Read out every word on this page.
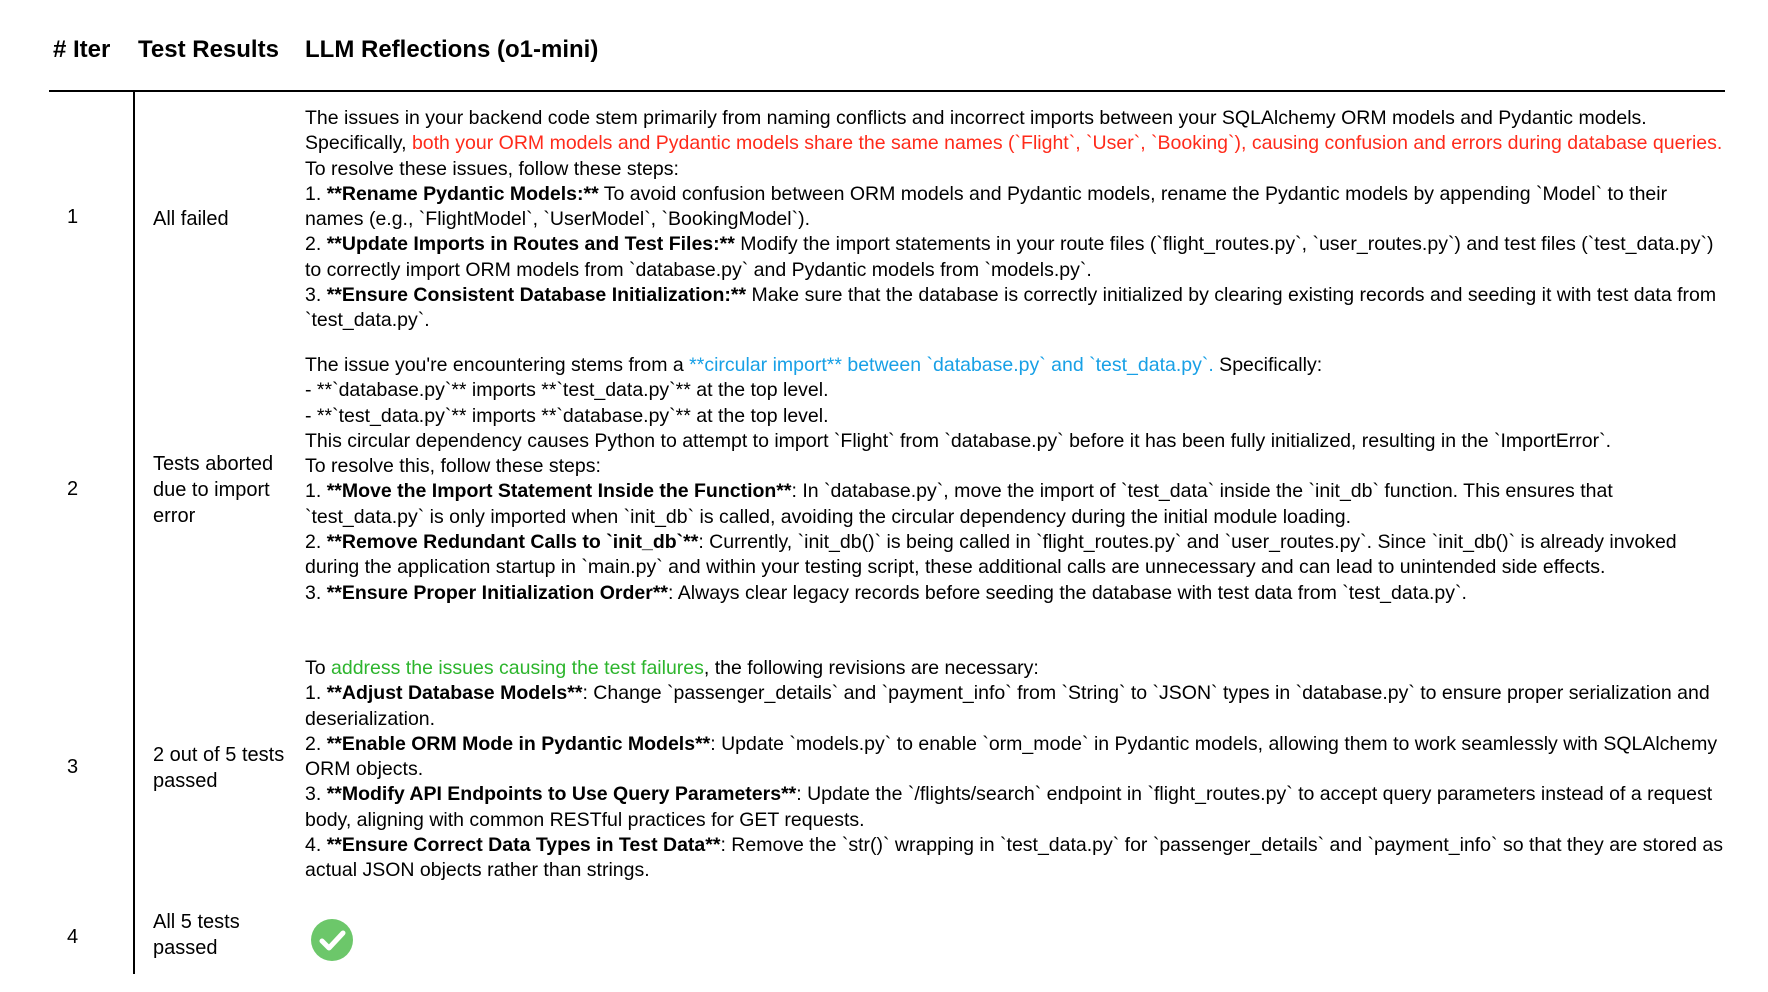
# Iter Test Results LLM Reflections (o1-mini)
1	All failed

The issues in your backend code stem primarily from naming conflicts and incorrect imports between your SQLAlchemy ORM models and Pydantic models. Specifically, both your ORM models and Pydantic models share the same names (`Flight`, `User`, `Booking`), causing confusion and errors during database queries. To resolve these issues, follow these steps:

1. **Rename Pydantic Models:** To avoid confusion between ORM models and Pydantic models, rename the Pydantic models by appending `Model` to their names (e.g., `FlightModel`, `UserModel`, `BookingModel`).

2. **Update Imports in Routes and Test Files:** Modify the import statements in your route files (`flight_routes.py`, `user_routes.py`) and test files (`test_data.py`) to correctly import ORM models from `database.py` and Pydantic models from `models.py`.

3. **Ensure Consistent Database Initialization:** Make sure that the database is correctly initialized by clearing existing records and seeding it with test data from `test_data.py`.

2
Tests aborted due to import error

The issue you're encountering stems from a **circular import** between `database.py` and `test_data.py`. Specifically:

- **`database.py`** imports **`test_data.py`** at the top level.

- **`test_data.py`** imports **`database.py`** at the top level.

This circular dependency causes Python to attempt to import `Flight` from `database.py` before it has been fully initialized, resulting in the `ImportError`.

To resolve this, follow these steps:

1. **Move the Import Statement Inside the Function**: In `database.py`, move the import of `test_data` inside the `init_db` function. This ensures that `test_data.py` is only imported when `init_db` is called, avoiding the circular dependency during the initial module loading.

2. **Remove Redundant Calls to `init_db`**: Currently, `init_db()` is being called in `flight_routes.py` and `user_routes.py`. Since `init_db()` is already invoked during the application startup in `main.py` and within your testing script, these additional calls are unnecessary and can lead to unintended side effects.

3. **Ensure Proper Initialization Order**: Always clear legacy records before seeding the database with test data from `test_data.py`.

3
2 out of 5 tests passed

To address the issues causing the test failures, the following revisions are necessary:

1. **Adjust Database Models**: Change `passenger_details` and `payment_info` from `String` to `JSON` types in `database.py` to ensure proper serialization and deserialization.

2. **Enable ORM Mode in Pydantic Models**: Update `models.py` to enable `orm_mode` in Pydantic models, allowing them to work seamlessly with SQLAlchemy ORM objects.

3. **Modify API Endpoints to Use Query Parameters**: Update the `/flights/search` endpoint in `flight_routes.py` to accept query parameters instead of a request body, aligning with common RESTful practices for GET requests.

4. **Ensure Correct Data Types in Test Data**: Remove the `str()` wrapping in `test_data.py` for `passenger_details` and `payment_info` so that they are stored as actual JSON objects rather than strings.

4
All 5 tests passed
